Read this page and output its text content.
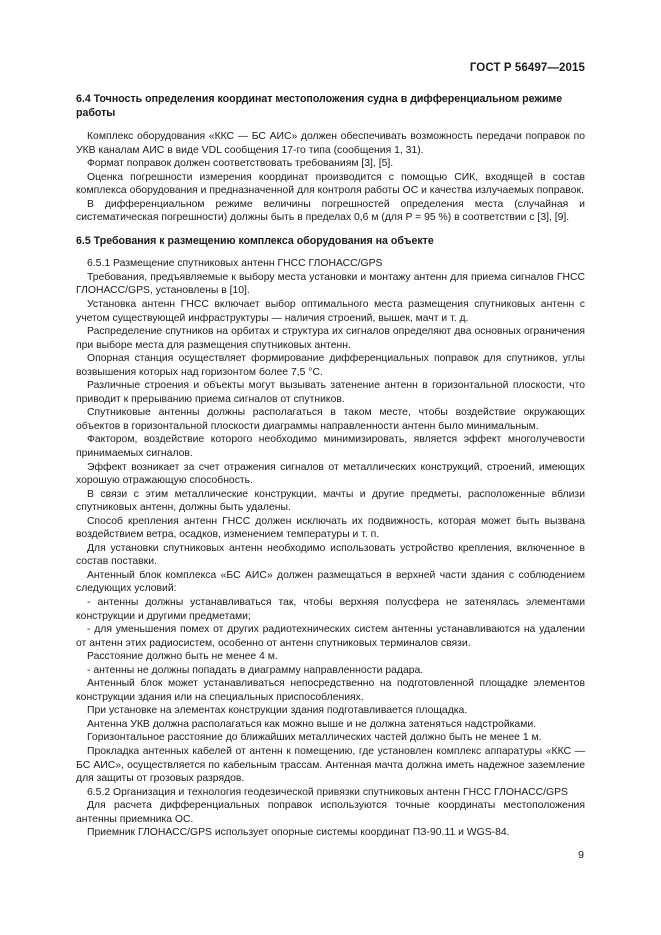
ГОСТ Р 56497—2015
6.4 Точность определения координат местоположения судна в дифференциальном режиме работы

Комплекс оборудования «ККС — БС АИС» должен обеспечивать возможность передачи поправок по УКВ каналам АИС в виде VDL сообщения 17-го типа (сообщения 1, 31).

Формат поправок должен соответствовать требованиям [3], [5].

Оценка погрешности измерения координат производится с помощью СИК, входящей в состав комплекса оборудования и предназначенной для контроля работы ОС и качества излучаемых поправок.

В дифференциальном режиме величины погрешностей определения места (случайная и систематическая погрешности) должны быть в пределах 0,6 м (для P = 95 %) в соответствии с [3], [9].

6.5 Требования к размещению комплекса оборудования на объекте

6.5.1 Размещение спутниковых антенн ГНСС ГЛОНАСС/GPS

Требования, предъявляемые к выбору места установки и монтажу антенн для приема сигналов ГНСС ГЛОНАСС/GPS, установлены в [10].

Установка антенн ГНСС включает выбор оптимального места размещения спутниковых антенн с учетом существующей инфраструктуры — наличия строений, вышек, мачт и т. д.

Распределение спутников на орбитах и структура их сигналов определяют два основных ограничения при выборе места для размещения спутниковых антенн.

Опорная станция осуществляет формирование дифференциальных поправок для спутников, углы возвышения которых над горизонтом более 7,5 °С.

Различные строения и объекты могут вызывать затенение антенн в горизонтальной плоскости, что приводит к прерыванию приема сигналов от спутников.

Спутниковые антенны должны располагаться в таком месте, чтобы воздействие окружающих объектов в горизонтальной плоскости диаграммы направленности антенн было минимальным.

Фактором, воздействие которого необходимо минимизировать, является эффект многолучевости принимаемых сигналов.

Эффект возникает за счет отражения сигналов от металлических конструкций, строений, имеющих хорошую отражающую способность.

В связи с этим металлические конструкции, мачты и другие предметы, расположенные вблизи спутниковых антенн, должны быть удалены.

Способ крепления антенн ГНСС должен исключать их подвижность, которая может быть вызвана воздействием ветра, осадков, изменением температуры и т. п.

Для установки спутниковых антенн необходимо использовать устройство крепления, включенное в состав поставки.

Антенный блок комплекса «БС АИС» должен размещаться в верхней части здания с соблюдением следующих условий:

- антенны должны устанавливаться так, чтобы верхняя полусфера не затенялась элементами конструкции и другими предметами;

- для уменьшения помех от других радиотехнических систем антенны устанавливаются на удалении от антенн этих радиосистем, особенно от антенн спутниковых терминалов связи.

Расстояние должно быть не менее 4 м.

- антенны не должны попадать в диаграмму направленности радара.

Антенный блок может устанавливаться непосредственно на подготовленной площадке элементов конструкции здания или на специальных приспособлениях.

При установке на элементах конструкции здания подготавливается площадка.

Антенна УКВ должна располагаться как можно выше и не должна затеняться надстройками.

Горизонтальное расстояние до ближайших металлических частей должно быть не менее 1 м.

Прокладка антенных кабелей от антенн к помещению, где установлен комплекс аппаратуры «ККС — БС АИС», осуществляется по кабельным трассам. Антенная мачта должна иметь надежное заземление для защиты от грозовых разрядов.

6.5.2 Организация и технология геодезической привязки спутниковых антенн ГНСС ГЛОНАСС/GPS

Для расчета дифференциальных поправок используются точные координаты местоположения антенны приемника ОС.

Приемник ГЛОНАСС/GPS использует опорные системы координат ПЗ-90.11 и WGS-84.

9
